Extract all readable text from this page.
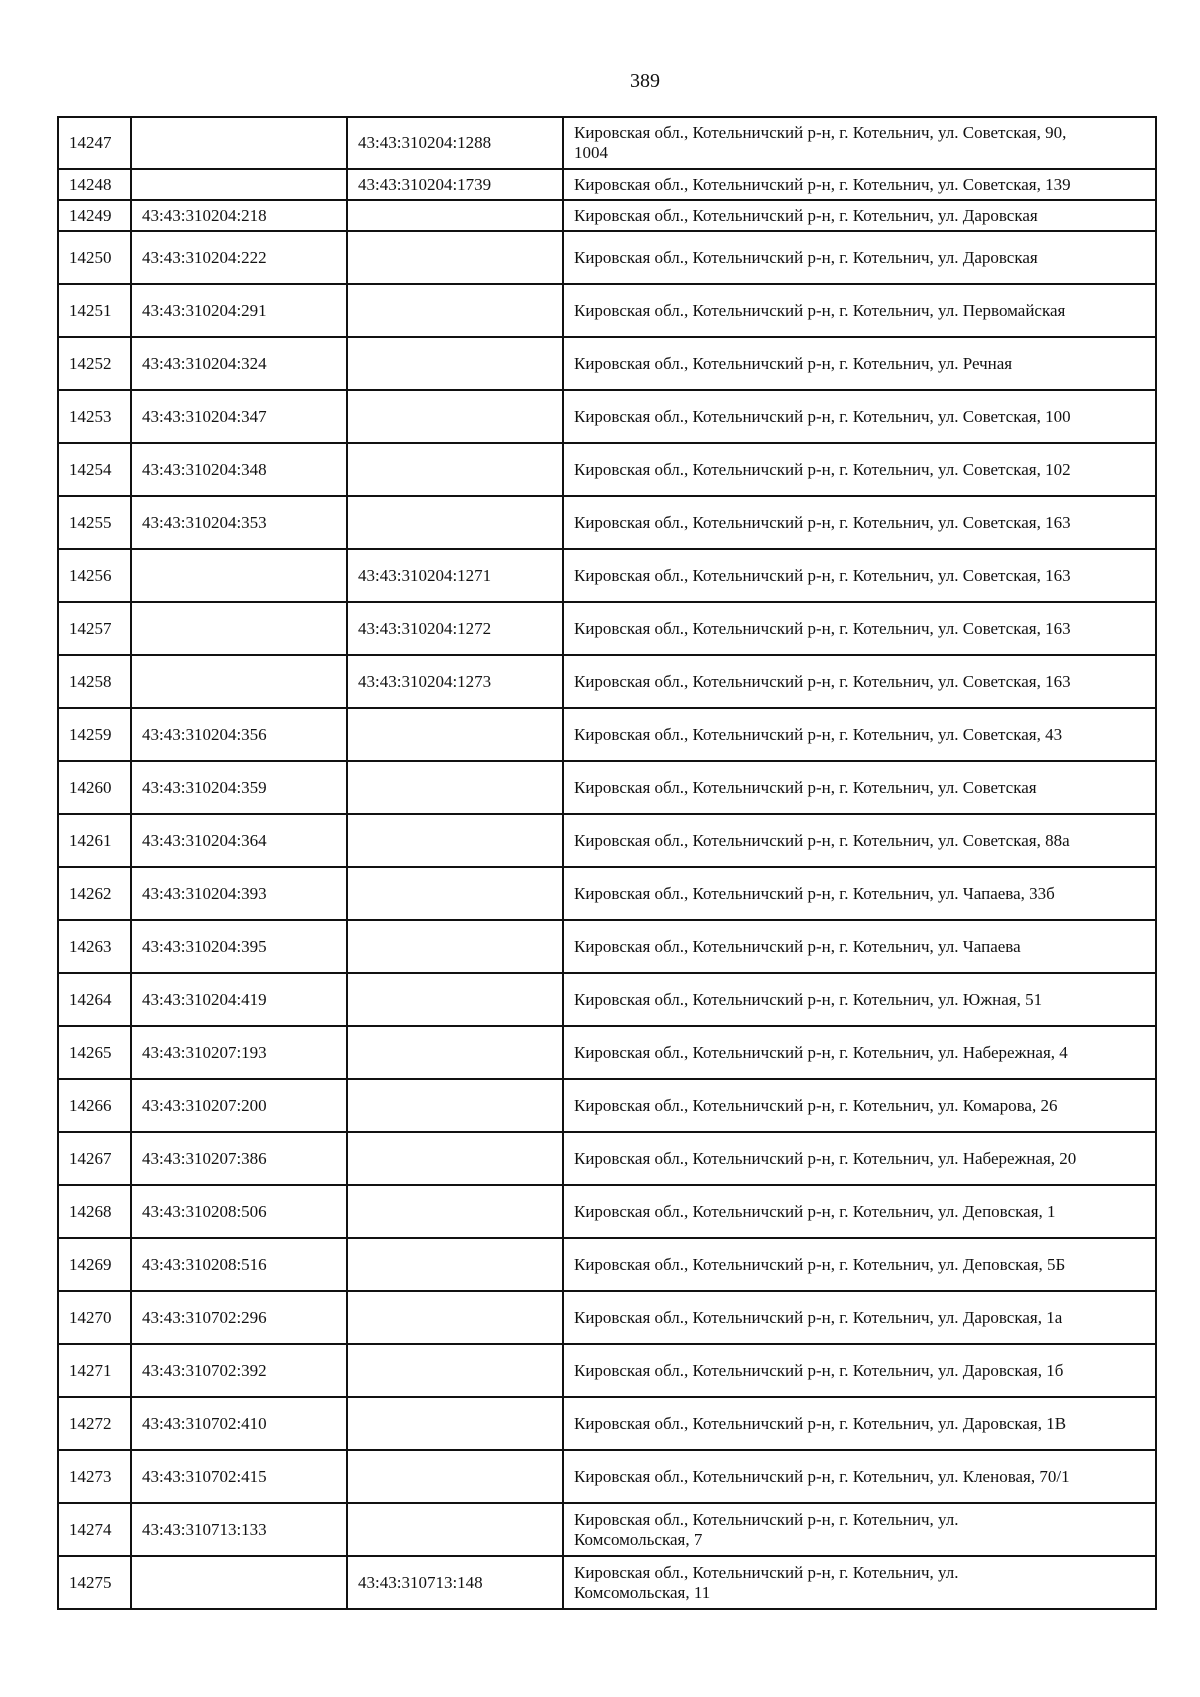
389
14247		43:43:310204:1288	Кировская обл., Котельничский р-н, г. Котельнич, ул. Советская, 90, 1004

14248		43:43:310204:1739	Кировская обл., Котельничский р-н, г. Котельнич, ул. Советская, 139
14249	43:43:310204:218		Кировская обл., Котельничский р-н, г. Котельнич, ул. Даровская
14250	43:43:310204:222		Кировская обл., Котельничский р-н, г. Котельнич, ул. Даровская
14251	43:43:310204:291		Кировская обл., Котельничский р-н, г. Котельнич, ул. Первомайская
14252	43:43:310204:324		Кировская обл., Котельничский р-н, г. Котельнич, ул. Речная
14253	43:43:310204:347		Кировская обл., Котельничский р-н, г. Котельнич, ул. Советская, 100
14254	43:43:310204:348		Кировская обл., Котельничский р-н, г. Котельнич, ул. Советская, 102
14255	43:43:310204:353		Кировская обл., Котельничский р-н, г. Котельнич, ул. Советская, 163
14256		43:43:310204:1271	Кировская обл., Котельничский р-н, г. Котельнич, ул. Советская, 163
14257		43:43:310204:1272	Кировская обл., Котельничский р-н, г. Котельнич, ул. Советская, 163
14258		43:43:310204:1273	Кировская обл., Котельничский р-н, г. Котельнич, ул. Советская, 163
14259	43:43:310204:356		Кировская обл., Котельничский р-н, г. Котельнич, ул. Советская, 43
14260	43:43:310204:359		Кировская обл., Котельничский р-н, г. Котельнич, ул. Советская
14261	43:43:310204:364		Кировская обл., Котельничский р-н, г. Котельнич, ул. Советская, 88а
14262	43:43:310204:393		Кировская обл., Котельничский р-н, г. Котельнич, ул. Чапаева, 33б
14263	43:43:310204:395		Кировская обл., Котельничский р-н, г. Котельнич, ул. Чапаева
14264	43:43:310204:419		Кировская обл., Котельничский р-н, г. Котельнич, ул. Южная, 51
14265	43:43:310207:193		Кировская обл., Котельничский р-н, г. Котельнич, ул. Набережная, 4
14266	43:43:310207:200		Кировская обл., Котельничский р-н, г. Котельнич, ул. Комарова, 26
14267	43:43:310207:386		Кировская обл., Котельничский р-н, г. Котельнич, ул. Набережная, 20
14268	43:43:310208:506		Кировская обл., Котельничский р-н, г. Котельнич, ул. Деповская, 1
14269	43:43:310208:516		Кировская обл., Котельничский р-н, г. Котельнич, ул. Деповская, 5Б
14270	43:43:310702:296		Кировская обл., Котельничский р-н, г. Котельнич, ул. Даровская, 1а
14271	43:43:310702:392		Кировская обл., Котельничский р-н, г. Котельнич, ул. Даровская, 1б
14272	43:43:310702:410		Кировская обл., Котельничский р-н, г. Котельнич, ул. Даровская, 1В
14273	43:43:310702:415		Кировская обл., Котельничский р-н, г. Котельнич, ул. Кленовая, 70/1
14274	43:43:310713:133		Кировская обл., Котельничский р-н, г. Котельнич, ул. Комсомольская, 7

14275		43:43:310713:148	Кировская обл., Котельничский р-н, г. Котельнич, ул. Комсомольская, 11
